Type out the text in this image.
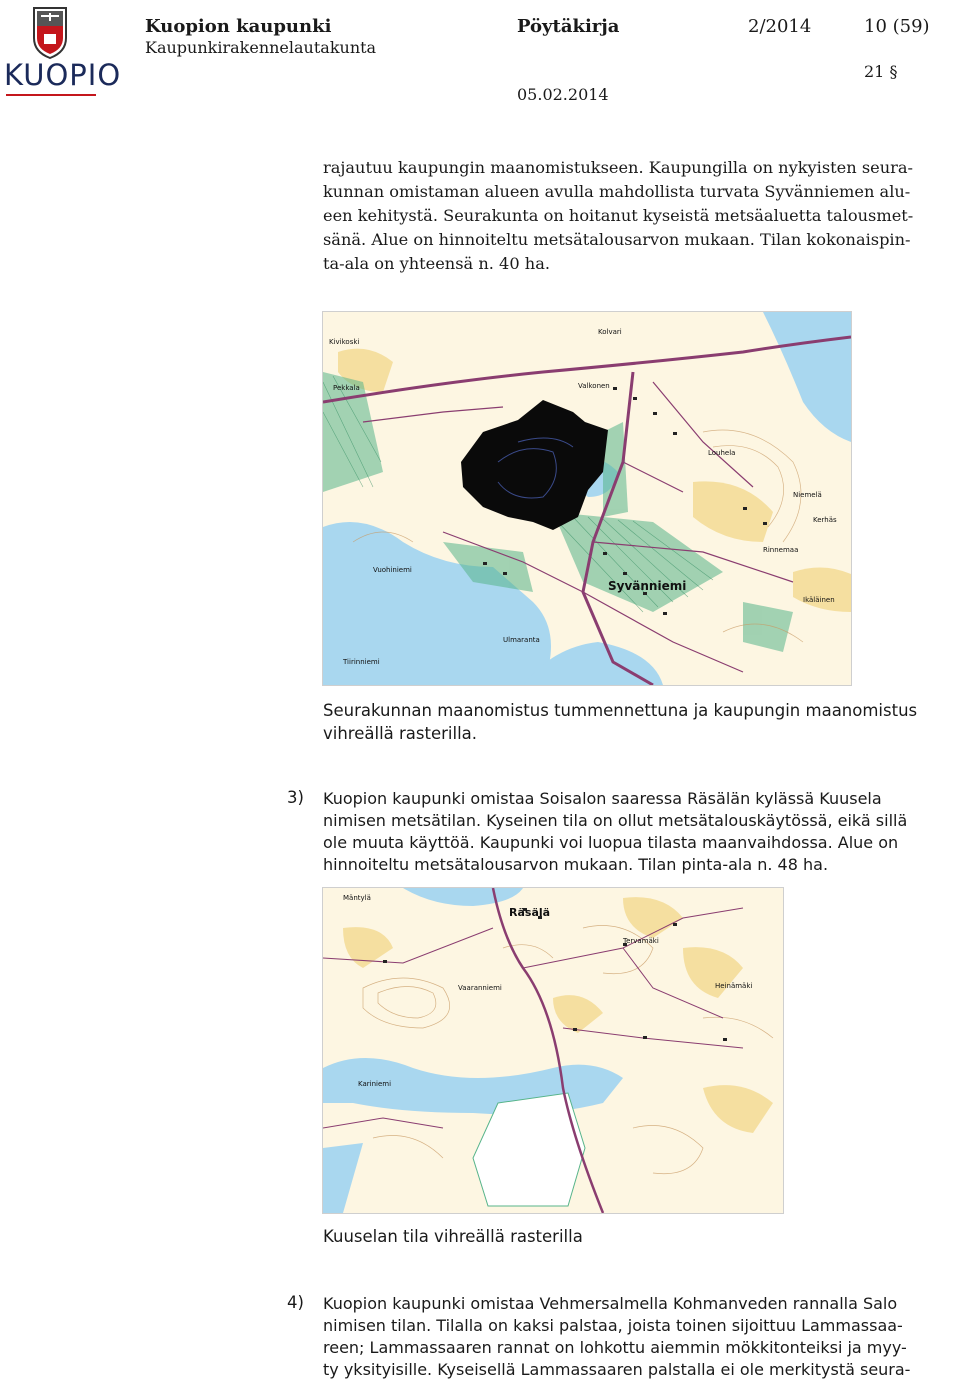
KUOPIO
Kuopion kaupunki
Kaupunkirakennelautakunta
Pöytäkirja	2/2014	10 (59)
21 §
05.02.2014
rajautuu kaupungin maanomistukseen. Kaupungilla on nykyisten seura-
kunnan omistaman alueen avulla mahdollista turvata Syvänniemen alu-
een kehitystä. Seurakunta on hoitanut kyseistä metsäaluetta talousmet-
sänä. Alue on hinnoiteltu metsätalousarvon mukaan. Tilan kokonaispin-
ta-ala on yhteensä n. 40 ha.
Syvänniemi
Kolvari
Pekkala	Valkonen
Ikäläinen
Niemelä
Rinnemaa
Kerhäs
Ulmaranta
Tiirinniemi
Louhela
Kivikoski
Vuohiniemi
Seurakunnan maanomistus tummennettuna ja kaupungin maanomistus
vihreällä rasterilla.
3) Kuopion kaupunki omistaa Soisalon saaressa Räsälän kylässä Kuusela
nimisen metsätilan. Kyseinen tila on ollut metsätalouskäytössä, eikä sillä
ole muuta käyttöä. Kaupunki voi luopua tilasta maanvaihdossa. Alue on
hinnoiteltu metsätalousarvon mukaan. Tilan pinta-ala n. 48 ha.
Räsälä
Heinämäki
Tervamäki
Vaaranniemi
Kariniemi
Mäntylä
Kuuselan tila vihreällä rasterilla
4) Kuopion kaupunki omistaa Vehmersalmella Kohmanveden rannalla Salo
nimisen tilan. Tilalla on kaksi palstaa, joista toinen sijoittuu Lammassaa-
reen; Lammassaaren rannat on lohkottu aiemmin mökkitonteiksi ja myy-
ty yksityisille. Kyseisellä Lammassaaren palstalla ei ole merkitystä seura-
